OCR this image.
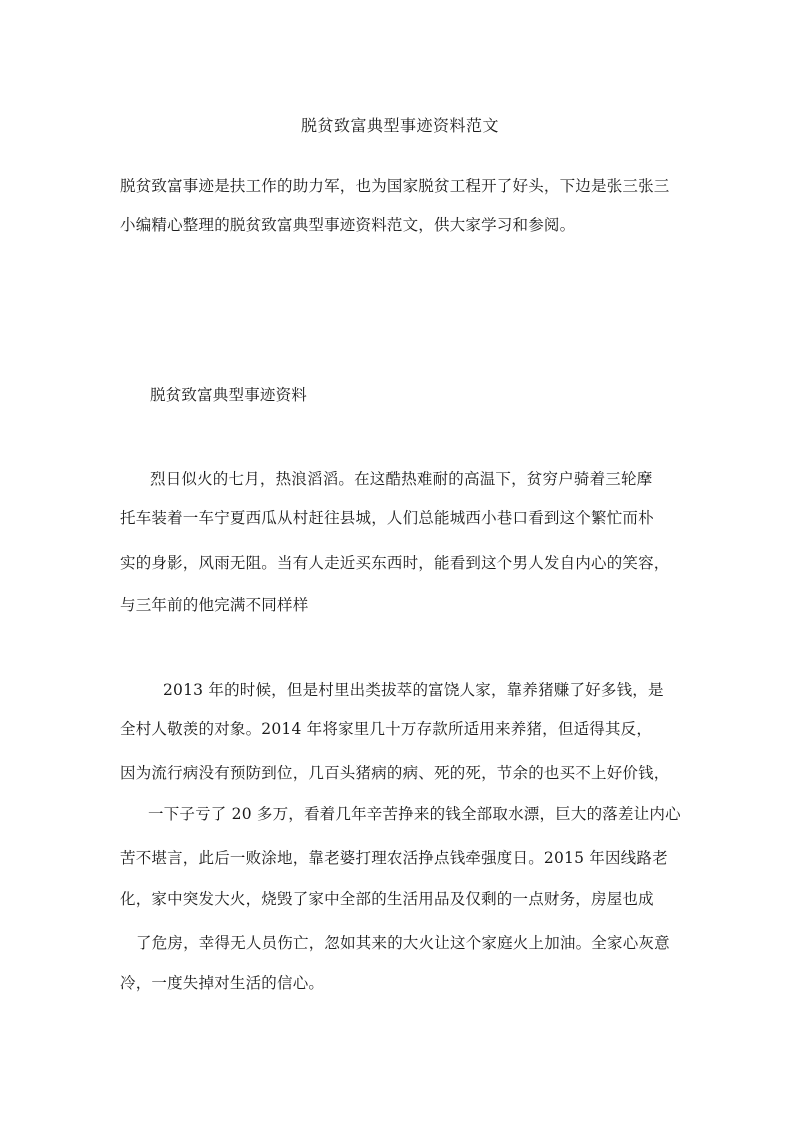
脱贫致富典型事迹资料范文
脱贫致富事迹是扶工作的助力军，也为国家脱贫工程开了好头，下边是张三张三
小编精心整理的脱贫致富典型事迹资料范文，供大家学习和参阅。
脱贫致富典型事迹资料
烈日似火的七月，热浪滔滔。在这酷热难耐的高温下，贫穷户骑着三轮摩
托车装着一车宁夏西瓜从村赶往县城，人们总能城西小巷口看到这个繁忙而朴
实的身影，风雨无阻。当有人走近买东西时，能看到这个男人发自内心的笑容，
与三年前的他完满不同样样
2013 年的时候，但是村里出类拔萃的富饶人家，靠养猪赚了好多钱，是
全村人敬羡的对象。2014 年将家里几十万存款所适用来养猪，但适得其反，
因为流行病没有预防到位，几百头猪病的病、死的死，节余的也买不上好价钱，
一下子亏了 20 多万，看着几年辛苦挣来的钱全部取水漂，巨大的落差让内心
苦不堪言，此后一败涂地，靠老婆打理农活挣点钱牵强度日。2015 年因线路老
化，家中突发大火，烧毁了家中全部的生活用品及仅剩的一点财务，房屋也成
了危房，幸得无人员伤亡，忽如其来的大火让这个家庭火上加油。全家心灰意
冷，一度失掉对生活的信心。
